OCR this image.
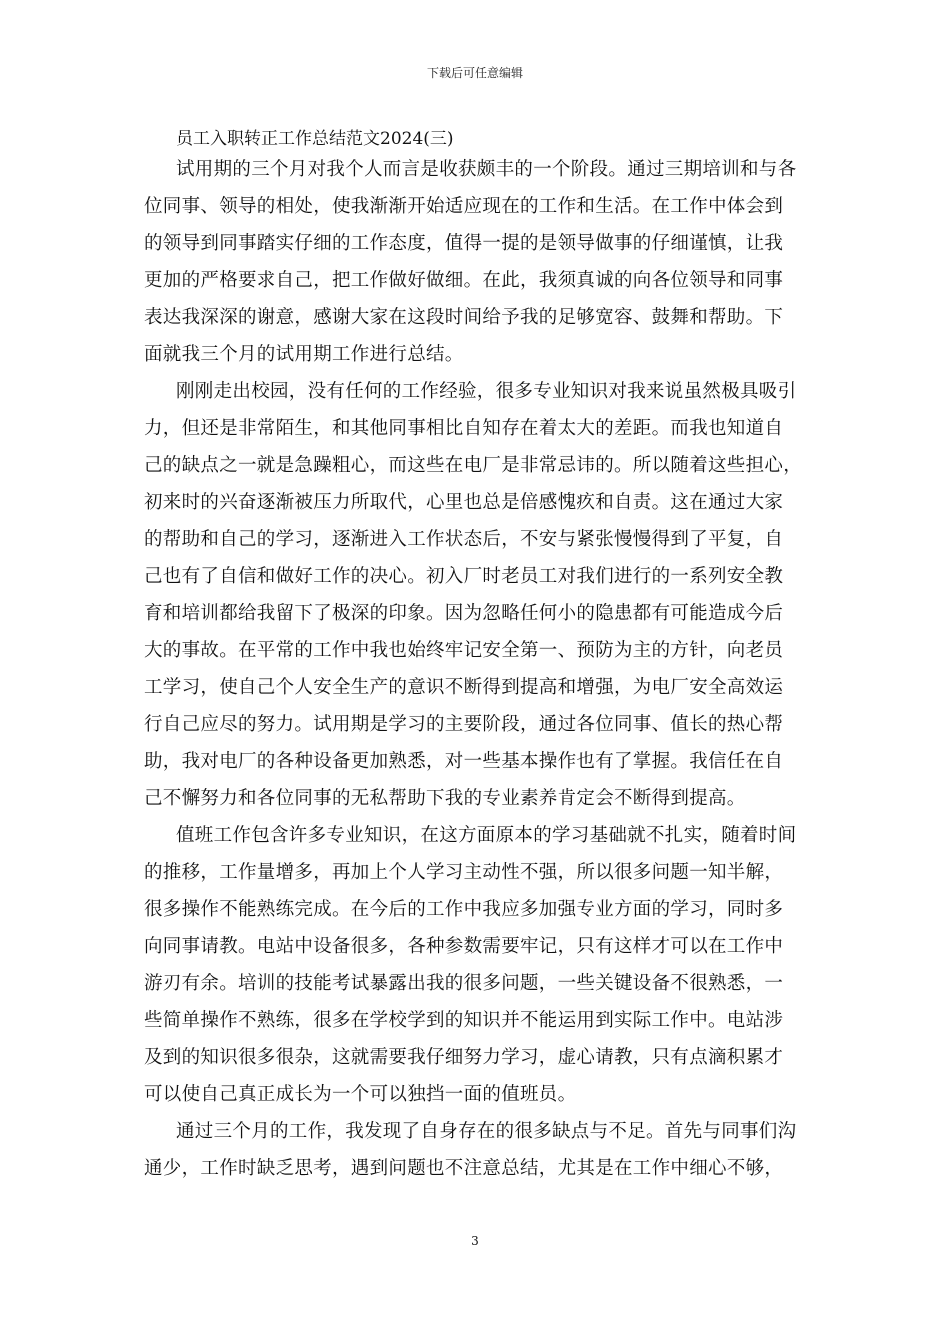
下载后可任意编辑
员工入职转正工作总结范文2024(三)
试用期的三个月对我个人而言是收获颇丰的一个阶段。通过三期培训和与各
位同事、领导的相处，使我渐渐开始适应现在的工作和生活。在工作中体会到
的领导到同事踏实仔细的工作态度，值得一提的是领导做事的仔细谨慎，让我
更加的严格要求自己，把工作做好做细。在此，我须真诚的向各位领导和同事
表达我深深的谢意，感谢大家在这段时间给予我的足够宽容、鼓舞和帮助。下
面就我三个月的试用期工作进行总结。
刚刚走出校园，没有任何的工作经验，很多专业知识对我来说虽然极具吸引
力，但还是非常陌生，和其他同事相比自知存在着太大的差距。而我也知道自
己的缺点之一就是急躁粗心，而这些在电厂是非常忌讳的。所以随着这些担心，
初来时的兴奋逐渐被压力所取代，心里也总是倍感愧疚和自责。这在通过大家
的帮助和自己的学习，逐渐进入工作状态后，不安与紧张慢慢得到了平复，自
己也有了自信和做好工作的决心。初入厂时老员工对我们进行的一系列安全教
育和培训都给我留下了极深的印象。因为忽略任何小的隐患都有可能造成今后
大的事故。在平常的工作中我也始终牢记安全第一、预防为主的方针，向老员
工学习，使自己个人安全生产的意识不断得到提高和增强，为电厂安全高效运
行自己应尽的努力。试用期是学习的主要阶段，通过各位同事、值长的热心帮
助，我对电厂的各种设备更加熟悉，对一些基本操作也有了掌握。我信任在自
己不懈努力和各位同事的无私帮助下我的专业素养肯定会不断得到提高。
值班工作包含许多专业知识，在这方面原本的学习基础就不扎实，随着时间
的推移，工作量增多，再加上个人学习主动性不强，所以很多问题一知半解，
很多操作不能熟练完成。在今后的工作中我应多加强专业方面的学习，同时多
向同事请教。电站中设备很多，各种参数需要牢记，只有这样才可以在工作中
游刃有余。培训的技能考试暴露出我的很多问题，一些关键设备不很熟悉，一
些简单操作不熟练，很多在学校学到的知识并不能运用到实际工作中。电站涉
及到的知识很多很杂，这就需要我仔细努力学习，虚心请教，只有点滴积累才
可以使自己真正成长为一个可以独挡一面的值班员。
通过三个月的工作，我发现了自身存在的很多缺点与不足。首先与同事们沟
通少，工作时缺乏思考，遇到问题也不注意总结，尤其是在工作中细心不够，
3
